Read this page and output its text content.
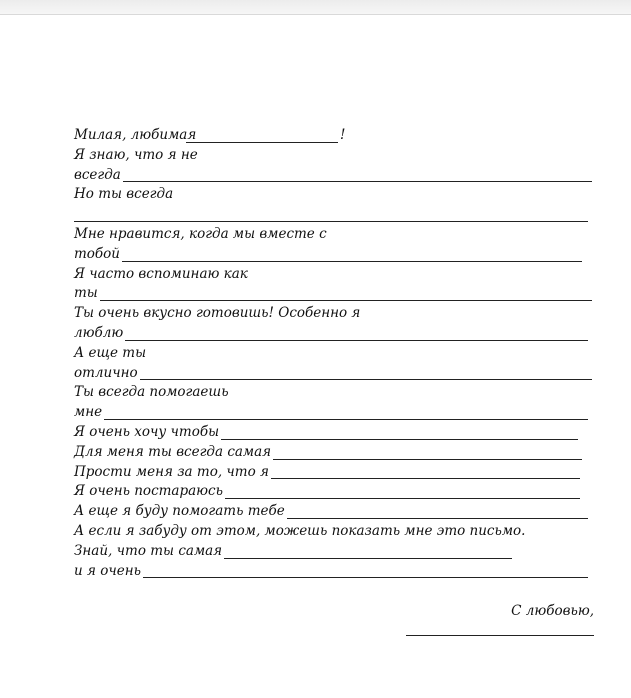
Милая, любимая	!
Я знаю, что я не
всегда
Но ты всегда
Мне нравится, когда мы вместе с
тобой
Я часто вспоминаю как
ты
Ты очень вкусно готовишь! Особенно я
люблю
А еще ты
отлично
Ты всегда помогаешь
мне
Я очень хочу чтобы
Для меня ты всегда самая
Прости меня за то, что я
Я очень постараюсь
А еще я буду помогать тебе
А если я забуду от этом, можешь показать мне это письмо.
Знай, что ты самая
и я очень
С любовью,
